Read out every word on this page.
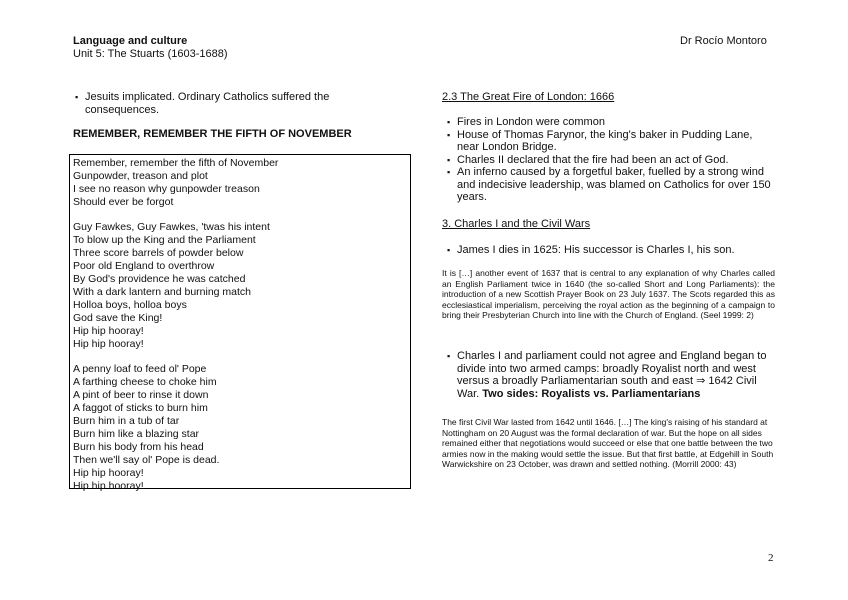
Language and culture
Unit 5: The Stuarts (1603-1688)
Dr Rocío Montoro
▪ Jesuits implicated. Ordinary Catholics suffered the consequences.
REMEMBER, REMEMBER THE FIFTH OF NOVEMBER
Remember, remember the fifth of November
Gunpowder, treason and plot
I see no reason why gunpowder treason
Should ever be forgot
Guy Fawkes, Guy Fawkes, 'twas his intent
To blow up the King and the Parliament
Three score barrels of powder below
Poor old England to overthrow
By God's providence he was catched
With a dark lantern and burning match
Holloa boys, holloa boys
God save the King!
Hip hip hooray!
Hip hip hooray!
A penny loaf to feed ol' Pope
A farthing cheese to choke him
A pint of beer to rinse it down
A faggot of sticks to burn him
Burn him in a tub of tar
Burn him like a blazing star
Burn his body from his head
Then we'll say ol' Pope is dead.
Hip hip hooray!
Hip hip hooray!
2.3 The Great Fire of London: 1666
▪ Fires in London were common
▪ House of Thomas Farynor, the king's baker in Pudding Lane, near London Bridge.
▪ Charles II declared that the fire had been an act of God.
▪ An inferno caused by a forgetful baker, fuelled by a strong wind and indecisive leadership, was blamed on Catholics for over 150 years.
3. Charles I and the Civil Wars
▪ James I dies in 1625: His successor is Charles I, his son.
It is […] another event of 1637 that is central to any explanation of why Charles called an English Parliament twice in 1640 (the so-called Short and Long Parliaments): the introduction of a new Scottish Prayer Book on 23 July 1637. The Scots regarded this as ecclesiastical imperialism, perceiving the royal action as the beginning of a campaign to bring their Presbyterian Church into line with the Church of England. (Seel 1999: 2)
▪ Charles I and parliament could not agree and England began to divide into two armed camps: broadly Royalist north and west versus a broadly Parliamentarian south and east ⇒ 1642 Civil War. Two sides: Royalists vs. Parliamentarians
The first Civil War lasted from 1642 until 1646. […] The king's raising of his standard at Nottingham on 20 August was the formal declaration of war. But the hope on all sides remained either that negotiations would succeed or else that one battle between the two armies now in the making would settle the issue. But that first battle, at Edgehill in South Warwickshire on 23 October, was drawn and settled nothing. (Morrill 2000: 43)
2
